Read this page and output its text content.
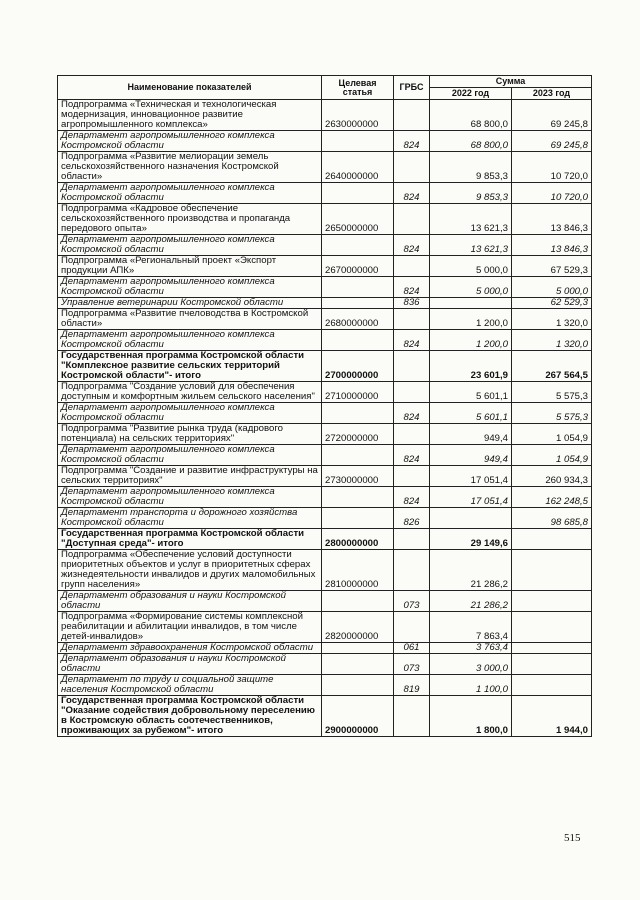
Наименование показателей	Целевая статья	ГРБС	Сумма	
			2022 год	2023 год
Подпрограмма «Техническая и технологическая модернизация, инновационное развитие агропромышленного комплекса»	2630000000		68 800,0	69 245,8
Департамент агропромышленного комплекса Костромской области		824	68 800,0	69 245,8
Подпрограмма «Развитие мелиорации земель сельскохозяйственного назначения Костромской области»	2640000000		9 853,3	10 720,0
Департамент агропромышленного комплекса Костромской области		824	9 853,3	10 720,0
Подпрограмма «Кадровое обеспечение сельскохозяйственного производства и пропаганда передового опыта»	2650000000		13 621,3	13 846,3
Департамент агропромышленного комплекса Костромской области		824	13 621,3	13 846,3
Подпрограмма «Региональный проект «Экспорт продукции АПК»	2670000000		5 000,0	67 529,3
Департамент агропромышленного комплекса Костромской области		824	5 000,0	5 000,0
Управление ветеринарии Костромской области		836		62 529,3
Подпрограмма «Развитие пчеловодства в Костромской области»	2680000000		1 200,0	1 320,0
Департамент агропромышленного комплекса Костромской области		824	1 200,0	1 320,0
Государственная программа Костромской области "Комплексное развитие сельских территорий Костромской области"- итого	2700000000		23 601,9	267 564,5
Подпрограмма "Создание условий для обеспечения доступным и комфортным жильем сельского населения"	2710000000		5 601,1	5 575,3
Департамент агропромышленного комплекса Костромской области		824	5 601,1	5 575,3
Подпрограмма "Развитие рынка труда (кадрового потенциала) на сельских территориях"	2720000000		949,4	1 054,9
Департамент агропромышленного комплекса Костромской области		824	949,4	1 054,9
Подпрограмма "Создание и развитие инфраструктуры на сельских территориях"	2730000000		17 051,4	260 934,3
Департамент агропромышленного комплекса Костромской области		824	17 051,4	162 248,5
Департамент транспорта и дорожного хозяйства Костромской области		826		98 685,8
Государственная программа Костромской области "Доступная среда"- итого	2800000000		29 149,6	
Подпрограмма «Обеспечение условий доступности приоритетных объектов и услуг в приоритетных сферах жизнедеятельности инвалидов и других маломобильных групп населения»	2810000000		21 286,2	
Департамент образования и науки Костромской области		073	21 286,2	
Подпрограмма «Формирование системы комплексной реабилитации и абилитации инвалидов, в том числе детей-инвалидов»	2820000000		7 863,4	
Департамент здравоохранения Костромской области		061	3 763,4	
Департамент образования и науки Костромской области		073	3 000,0	
Департамент по труду и социальной защите населения Костромской области		819	1 100,0	
Государственная программа Костромской области "Оказание содействия добровольному переселению в Костромскую область соотечественников, проживающих за рубежом"- итого	2900000000		1 800,0	1 944,0
515
